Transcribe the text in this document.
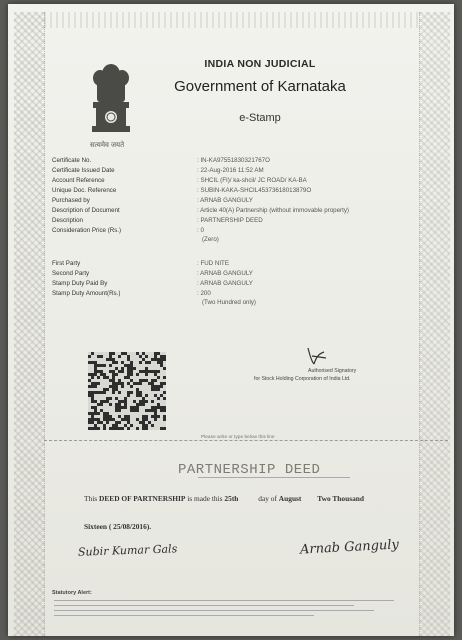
सत्यमेव जयते
INDIA NON JUDICIAL
Government of Karnataka
e-Stamp
Certificate No.	: IN-KA97551830321767O
Certificate Issued Date	: 22-Aug-2016 11:52 AM
Account Reference	: SHCIL (FI)/ ka-shcil/ JC ROAD/ KA-BA
Unique Doc. Reference	: SUBIN-KAKA-SHCIL45373618013879O
Purchased by	: ARNAB GANGULY
Description of Document	: Article 40(A) Partnership (without immovable property)
Description	: PARTNERSHIP DEED
Consideration Price (Rs.)	: 0
(Zero)
First Party	: FUD NITE
Second Party	: ARNAB GANGULY
Stamp Duty Paid By	: ARNAB GANGULY
Stamp Duty Amount(Rs.)	: 200
(Two Hundred only)
Authorised Signatory
for Stock Holding Corporation of India Ltd.
Please write or type below this line
PARTNERSHIP DEED
This DEED OF PARTNERSHIP is made this 25th	day of August Two Thousand
Sixteen ( 25/08/2016).
Subir Kumar Gals	Arnab Ganguly
Statutory Alert:
